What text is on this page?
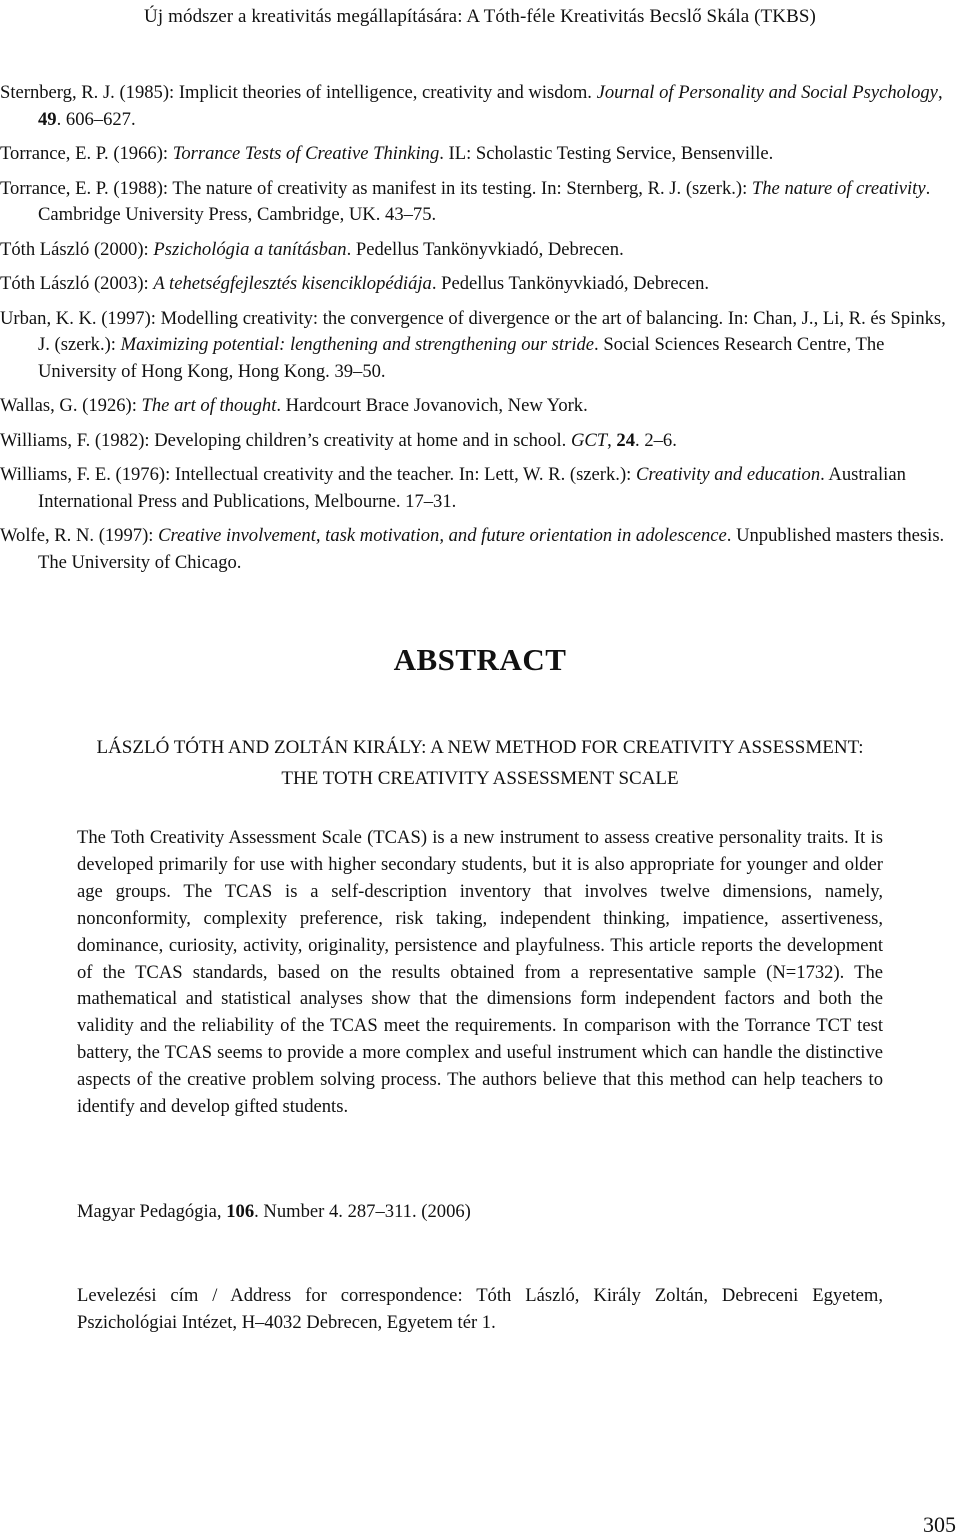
Új módszer a kreativitás megállapítására: A Tóth-féle Kreativitás Becslő Skála (TKBS)

Sternberg, R. J. (1985): Implicit theories of intelligence, creativity and wisdom. Journal of Personality and Social Psychology, 49. 606–627.

Torrance, E. P. (1966): Torrance Tests of Creative Thinking. IL: Scholastic Testing Service, Bensenville.

Torrance, E. P. (1988): The nature of creativity as manifest in its testing. In: Sternberg, R. J. (szerk.): The nature of creativity. Cambridge University Press, Cambridge, UK. 43–75.

Tóth László (2000): Pszichológia a tanításban. Pedellus Tankönyvkiadó, Debrecen.

Tóth László (2003): A tehetségfejlesztés kisenciklopédiája. Pedellus Tankönyvkiadó, Debrecen.

Urban, K. K. (1997): Modelling creativity: the convergence of divergence or the art of balancing. In: Chan, J., Li, R. és Spinks, J. (szerk.): Maximizing potential: lengthening and strengthening our stride. Social Sciences Research Centre, The University of Hong Kong, Hong Kong. 39–50.

Wallas, G. (1926): The art of thought. Hardcourt Brace Jovanovich, New York.

Williams, F. (1982): Developing children’s creativity at home and in school. GCT, 24. 2–6.

Williams, F. E. (1976): Intellectual creativity and the teacher. In: Lett, W. R. (szerk.): Creativity and education. Australian International Press and Publications, Melbourne. 17–31.

Wolfe, R. N. (1997): Creative involvement, task motivation, and future orientation in adolescence. Unpublished masters thesis. The University of Chicago.

ABSTRACT
LÁSZLÓ TÓTH AND ZOLTÁN KIRÁLY: A NEW METHOD FOR CREATIVITY ASSESSMENT:
THE TOTH CREATIVITY ASSESSMENT SCALE
The Toth Creativity Assessment Scale (TCAS) is a new instrument to assess creative personality traits. It is developed primarily for use with higher secondary students, but it is also appropriate for younger and older age groups. The TCAS is a self-description inventory that involves twelve dimensions, namely, nonconformity, complexity preference, risk taking, independent thinking, impatience, assertiveness, dominance, curiosity, activity, originality, persistence and playfulness. This article reports the development of the TCAS standards, based on the results obtained from a representative sample (N=1732). The mathematical and statistical analyses show that the dimensions form independent factors and both the validity and the reliability of the TCAS meet the requirements. In comparison with the Torrance TCT test battery, the TCAS seems to provide a more complex and useful instrument which can handle the distinctive aspects of the creative problem solving process. The authors believe that this method can help teachers to identify and develop gifted students.
Magyar Pedagógia, 106. Number 4. 287–311. (2006)
Levelezési cím / Address for correspondence: Tóth László, Király Zoltán, Debreceni Egyetem, Pszichológiai Intézet, H–4032 Debrecen, Egyetem tér 1.
305
